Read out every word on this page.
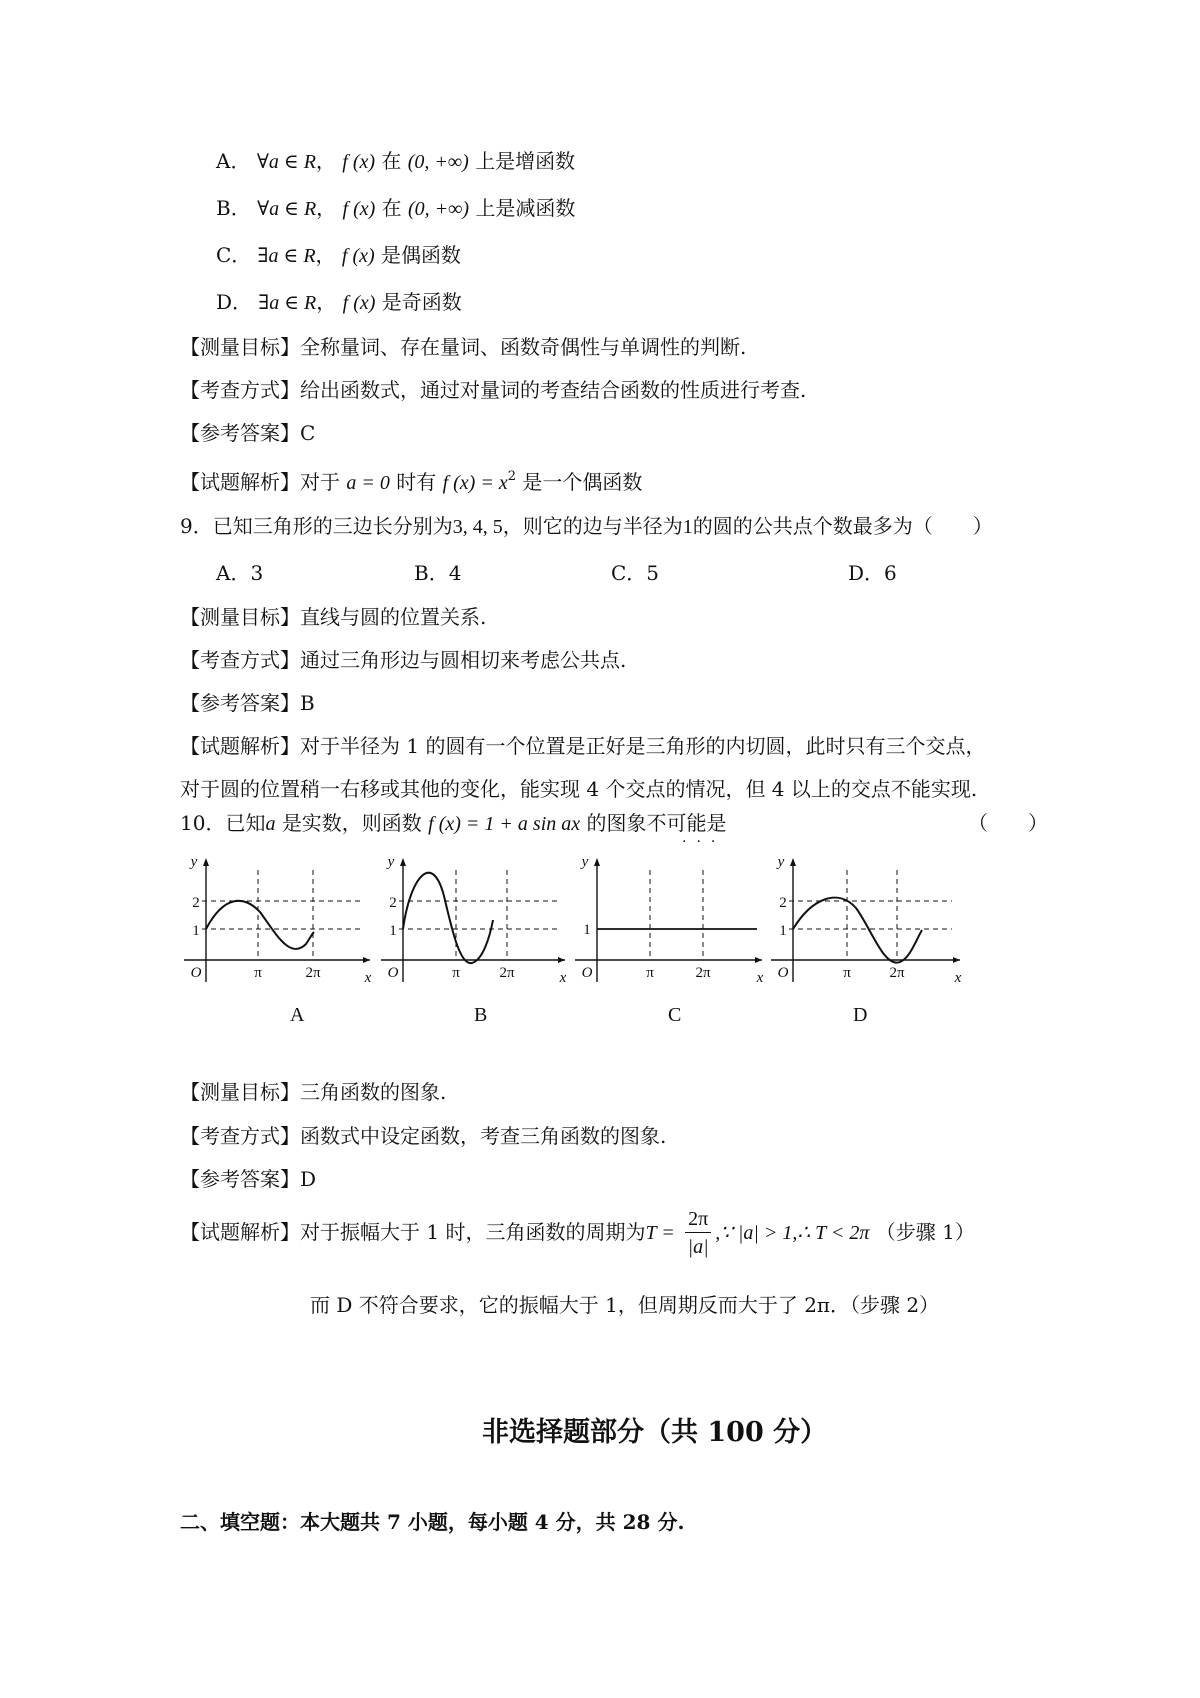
A． ∀a ∈ R， f (x) 在 (0, +∞) 上是增函数
B． ∀a ∈ R， f (x) 在 (0, +∞) 上是减函数
C． ∃a ∈ R， f (x) 是偶函数
D． ∃a ∈ R， f (x) 是奇函数
【测量目标】全称量词、存在量词、函数奇偶性与单调性的判断.
【考查方式】给出函数式，通过对量词的考查结合函数的性质进行考查.
【参考答案】C
【试题解析】对于 a = 0 时有 f $(x) = x^2$ 是一个偶函数
9．已知三角形的三边长分别为3, 4, 5，则它的边与半径为1的圆的公共点个数最多为（　　）
A．3	B．4	C．5	D．6
【测量目标】直线与圆的位置关系.
【考查方式】通过三角形边与圆相切来考虑公共点.
【参考答案】B
【试题解析】对于半径为 1 的圆有一个位置是正好是三角形的内切圆，此时只有三个交点，
对于圆的位置稍一右移或其他的变化，能实现 4 个交点的情况，但 4 以上的交点不能实现.
10．已知a 是实数，则函数 f (x) = 1 + a sin ax 的图象不可能是
···
（　　）
y
x
O
2
1
π	2π
y
x
O
2
1
π	2π
y
x
O
1
π	2π
y
x
O
2
1
π	2π
A	B	C	D
【测量目标】三角函数的图象.
【考查方式】函数式中设定函数，考查三角函数的图象.
【参考答案】D
【试题解析】对于振幅大于 1 时，三角函数的周期为$T = \frac{2\pi}{|a|}$ ,∵ |a| > 1,∴ T < 2π （步骤 1）
而 D 不符合要求，它的振幅大于 1，但周期反而大于了 2π．（步骤 2）
非选择题部分（共 100 分）
二、填空题：本大题共 7 小题，每小题 4 分，共 28 分.
